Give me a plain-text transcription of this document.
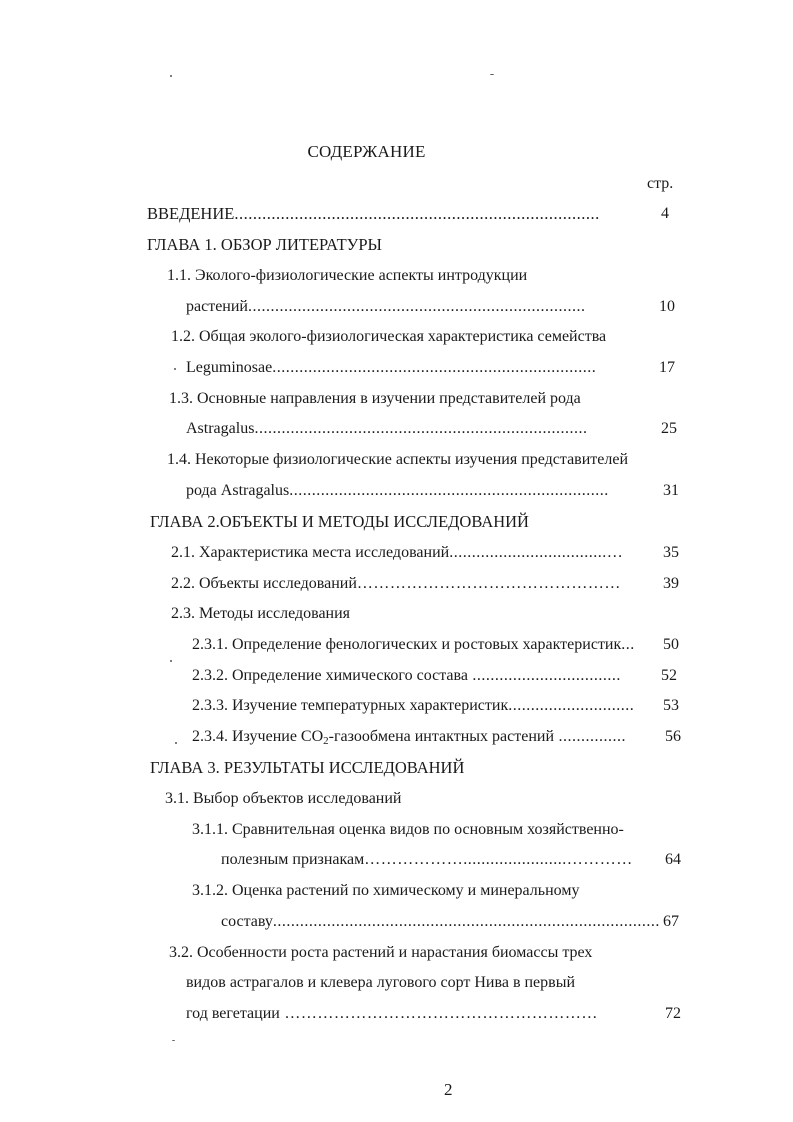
СОДЕРЖАНИЕ
стр.
ВВЕДЕНИЕ...............................................................................	4
ГЛАВА 1. ОБЗОР ЛИТЕРАТУРЫ
1.1. Эколого-физиологические аспекты интродукции
растений...........................................................................	10
1.2. Общая эколого-физиологическая характеристика семейства
Leguminosae........................................................................	17
1.3. Основные направления в изучении представителей рода
Astragalus..........................................................................	25
1.4. Некоторые физиологические аспекты изучения представителей
рода Astragalus.......................................................................	31
ГЛАВА 2.ОБЪЕКТЫ И МЕТОДЫ ИССЛЕДОВАНИЙ
2.1. Характеристика места исследований...................................… 35
2.2. Объекты исследований…………………………………………	39
2.3. Методы исследования
2.3.1. Определение фенологических и ростовых характеристик... 50
2.3.2. Определение химического состава .................................	52
2.3.3. Изучение температурных характеристик............................ 53
2.3.4. Изучение $СО_2$-газообмена интактных растений ............... 56
ГЛАВА 3. РЕЗУЛЬТАТЫ ИССЛЕДОВАНИЙ
3.1. Выбор объектов исследований
3.1.1. Сравнительная оценка видов по основным хозяйственно-
полезным признакам……………….......................………… 64
3.1.2. Оценка растений по химическому и минеральному
составу...................................................................................... 67
3.2. Особенности роста растений и нарастания биомассы трех
видов астрагалов и клевера лугового сорт Нива в первый
год вегетации …………………………………………………	72
2
